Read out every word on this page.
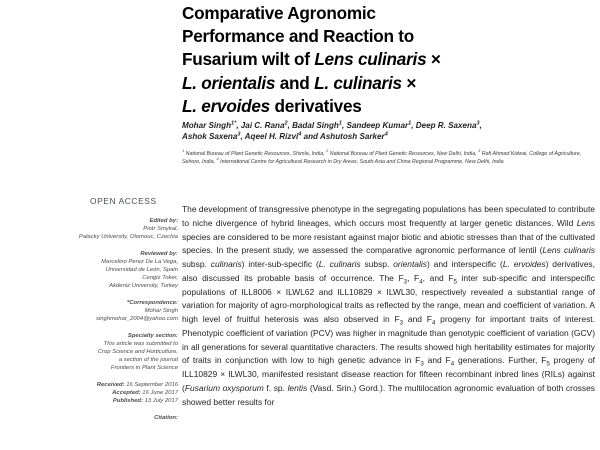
Comparative Agronomic
Performance and Reaction to
Fusarium wilt of Lens culinaris ×
L. orientalis and L. culinaris ×
L. ervoides derivatives
Mohar Singh$^{1*}$, Jai C. Rana$^2$, Badal Singh$^1$, Sandeep Kumar$^1$, Deep R. Saxena$^3$,
Ashok Saxena$^3$, Aqeel H. Rizvi$^4$ and Ashutosh Sarker$^4$
$^1$ National Bureau of Plant Genetic Resources, Shimla, India, $^2$ National Bureau of Plant Genetic Resources, New Delhi, India, $^3$ Rafi Ahmad Kidwai, College of Agriculture, Sehore, India, $^4$ International Centre for Agricultural Research in Dry Areas, South Asia and China Regional Programme, New Delhi, India
OPEN ACCESS
Edited by:
Piotr Smykal,
Palacky University, Olomouc, Czechia
Reviewed by:
Marcelino Perez De La Vega,
Universidad de León, Spain
Cengiz Toker,
Akdeniz University, Turkey
*Correspondence:
Mohar Singh
singhmohar_2004@yahoo.com
Specialty section:
This article was submitted to
Crop Science and Horticulture,
a section of the journal
Frontiers in Plant Science
Received: 16 September 2016
Accepted: 16 June 2017
Published: 13 July 2017
Citation:

The development of transgressive phenotype in the segregating populations has been speculated to contribute to niche divergence of hybrid lineages, which occurs most frequently at larger genetic distances. Wild Lens species are considered to be more resistant against major biotic and abiotic stresses than that of the cultivated species. In the present study, we assessed the comparative agronomic performance of lentil (Lens culinaris subsp. culinaris) inter-sub-specific (L. culinaris subsp. orientalis) and interspecific (L. ervoides) derivatives, also discussed its probable basis of occurrence. The $F_3$, $F_4$, and $F_5$ inter sub-specific and interspecific populations of ILL8006 × ILWL62 and ILL10829 × ILWL30, respectively revealed a substantial range of variation for majority of agro-morphological traits as reflected by the range, mean and coefficient of variation. A high level of fruitful heterosis was also observed in $F_3$ and $F_4$ progeny for important traits of interest. Phenotypic coefficient of variation (PCV) was higher in magnitude than genotypic coefficient of variation (GCV) in all generations for several quantitative characters. The results showed high heritability estimates for majority of traits in conjunction with low to high genetic advance in $F_3$ and $F_4$ generations. Further, $F_5$ progeny of ILL10829 × ILWL30, manifested resistant disease reaction for fifteen recombinant inbred lines (RILs) against (Fusarium oxysporum f. sp. lentis (Vasd. Srin.) Gord.). The multilocation agronomic evaluation of both crosses showed better results for
